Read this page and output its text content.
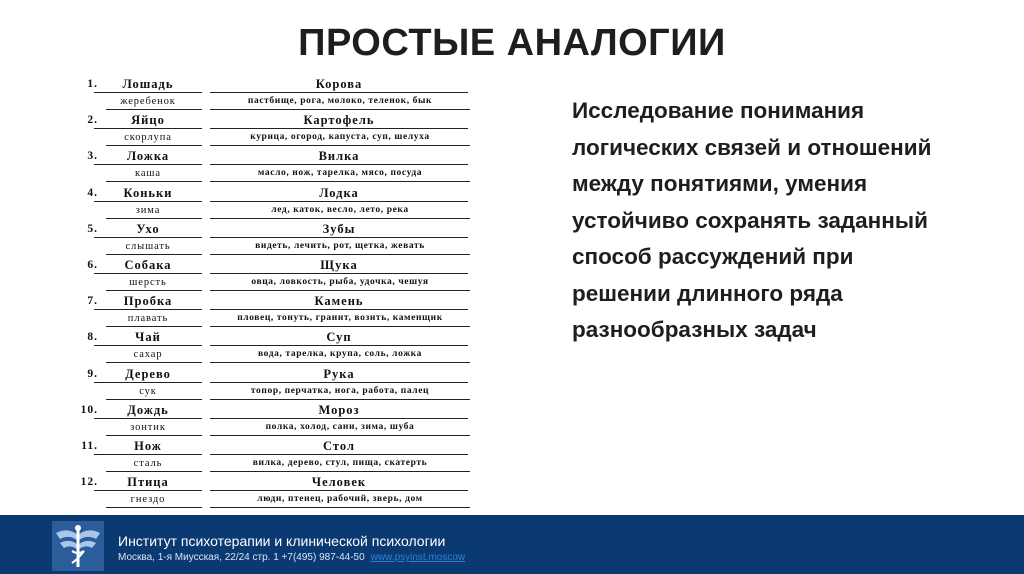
ПРОСТЫЕ АНАЛОГИИ
1.	Лошадь
жеребенок
Корова
пастбище, рога, молоко, теленок, бык
2.	Яйцо
скорлупа
Картофель
курица, огород, капуста, суп, шелуха
3.	Ложка
каша
Вилка
масло, нож, тарелка, мясо, посуда
4.	Коньки
зима
Лодка
лед, каток, весло, лето, река
5.	Ухо
слышать
Зубы
видеть, лечить, рот, щетка, жевать
6.	Собака
шерсть
Щука
овца, ловкость, рыба, удочка, чешуя
7.	Пробка
плавать
Камень
пловец, тонуть, гранит, возить, каменщик
8.	Чай
сахар
Суп
вода, тарелка, крупа, соль, ложка
9.	Дерево
сук
Рука
топор, перчатка, нога, работа, палец
10.	Дождь
зонтик
Мороз
полка, холод, сани, зима, шуба
11.	Нож
сталь
Стол
вилка, дерево, стул, пища, скатерть
12.	Птица
гнездо
Человек
люди, птенец, рабочий, зверь, дом
Исследование понимания логических связей и отношений между понятиями, умения устойчиво сохранять заданный способ рассуждений при решении длинного ряда разнообразных задач
Институт психотерапии и клинической психологии
Москва, 1-я Миусская, 22/24 стр. 1 +7(495) 987-44-50 www.psyinst.moscow
